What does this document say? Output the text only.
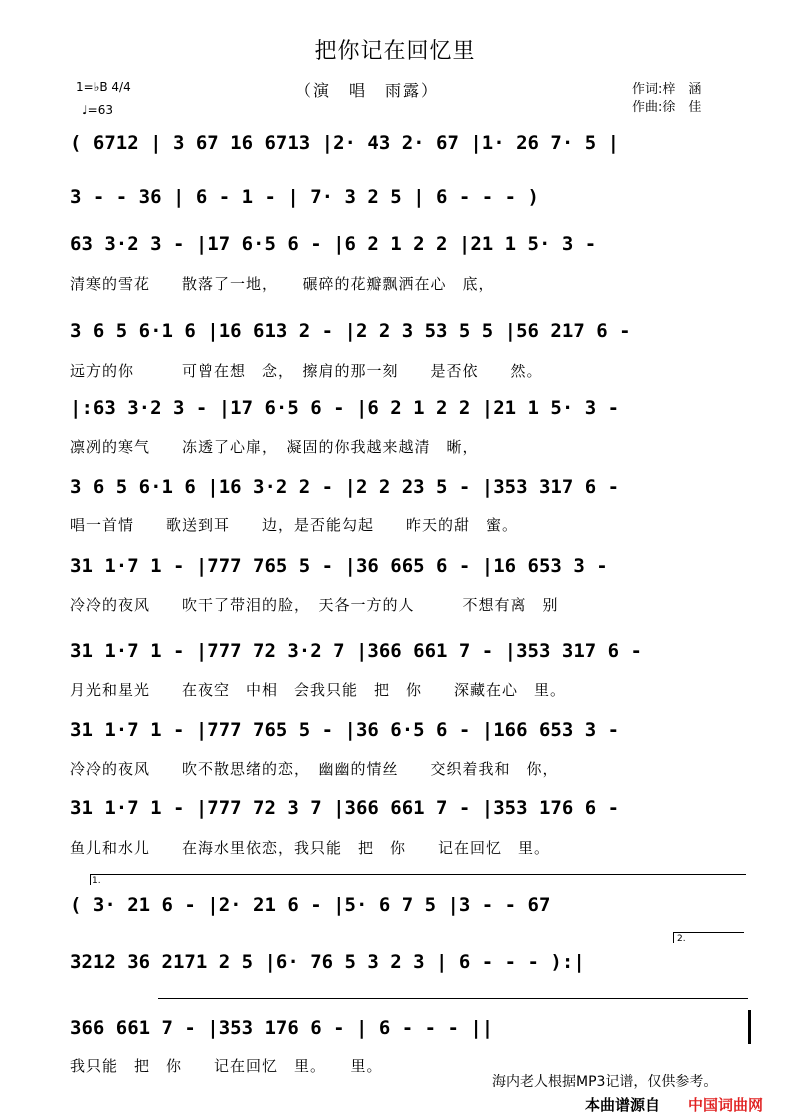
把你记在回忆里
（演　唱　雨露）	作词:梓　涵
作曲:徐　佳
1=♭B 4/4
♩=63
( 6712 | 3 67 16 6713 |2· 43 2· 67 |1· 26 7· 5 |
3 - - 36 | 6 - 1 - | 7· 3 2 5 | 6 - - - )
63 3·2 3 - |17 6·5 6 - |6 2 1 2 2 |21 1 5· 3 -
清寒的雪花　　散落了一地，　　碾碎的花瓣飘洒在心　底，
3 6 5 6·1 6 |16 613 2 - |2 2 3 53 5 5 |56 217 6 -
远方的你　　　可曾在想　念，　擦肩的那一刻　　是否依　　然。
|:63 3·2 3 - |17 6·5 6 - |6 2 1 2 2 |21 1 5· 3 -
凛冽的寒气　　冻透了心扉，　凝固的你我越来越清　晰，
3 6 5 6·1 6 |16 3·2 2 - |2 2 23 5 - |353 317 6 -
唱一首情　　歌送到耳　　边，是否能勾起　　昨天的甜　蜜。
31 1·7 1 - |777 765 5 - |36 665 6 - |16 653 3 -
冷冷的夜风　　吹干了带泪的脸，　天各一方的人　　　不想有离　别
31 1·7 1 - |777 72 3·2 7 |366 661 7 - |353 317 6 -
月光和星光　　在夜空　中相　会我只能　把　你　　深藏在心　里。
31 1·7 1 - |777 765 5 - |36 6·5 6 - |166 653 3 -
冷冷的夜风　　吹不散思绪的恋，　幽幽的情丝　　交织着我和　你，
31 1·7 1 - |777 72 3 7 |366 661 7 - |353 176 6 -
鱼儿和水儿　　在海水里依恋，我只能　把　你　　记在回忆　里。
1.
( 3· 21 6 - |2· 21 6 - |5· 6 7 5 |3 - - 67
3212 36 2171 2 5 |6· 76 5 3 2 3 | 6 - - - ):|
2.
366 661 7 - |353 176 6 - | 6 - - - ||
我只能　把　你　　记在回忆　里。　　里。
海内老人根据MP3记谱，仅供参考。
本曲谱源自 中国词曲网
